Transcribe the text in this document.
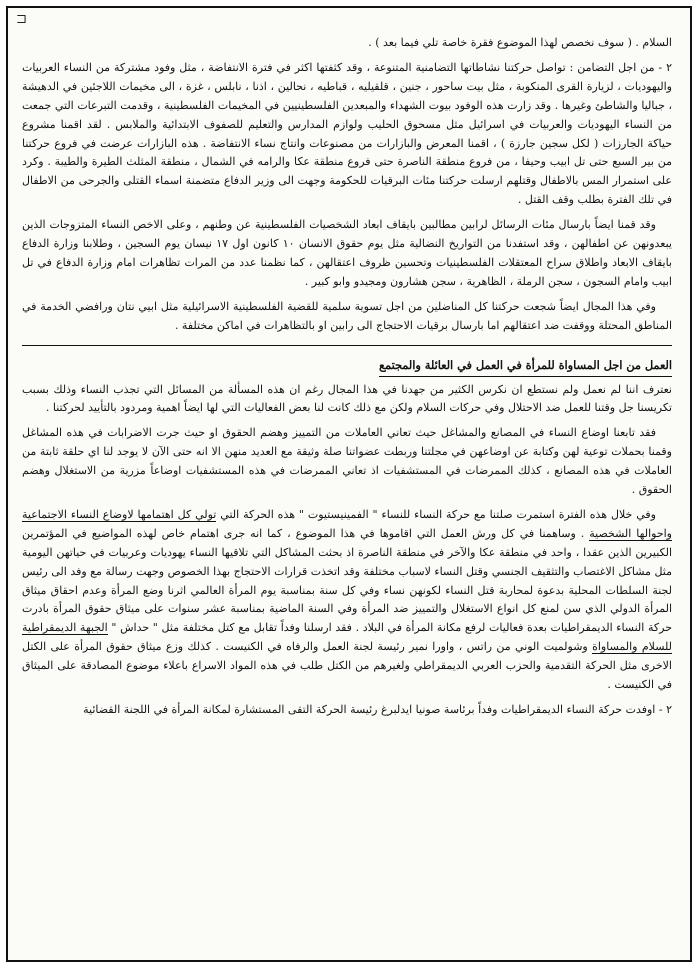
⊏

السلام . ( سوف نخصص لهذا الموضوع فقرة خاصة تلي فيما بعد ) .

٢ - من اجل التضامن : تواصل حركتنا نشاطاتها التضامنية المتنوعة ، وقد كثفتها اكثر في فترة الانتفاضة ، مثل وفود مشتركة من النساء العربيات واليهوديات ، لزيارة القرى المنكوبة ، مثل بيت ساحور ، جنين ، قلقيليه ، قباطيه ، نحالين ، اذنا ، نابلس ، غزة ، الى مخيمات اللاجئين في الدهيشة ، جباليا والشاطئ وغيرها . وقد زارت هذه الوفود بيوت الشهداء والمبعدين الفلسطينيين في المخيمات الفلسطينية ، وقدمت التبرعات التي جمعت من النساء اليهوديات والعربيات في اسرائيل مثل مسحوق الحليب ولوازم المدارس والتعليم للصفوف الابتدائية والملابس . لقد اقمنا مشروع حياكة الجارزات ( لكل سجين جارزة ) ، اقمنا المعرض والبازارات من مصنوعات وانتاج نساء الانتفاضة . هذه البازارات عرضت في فروع حركتنا من بير السبع حتى تل ابيب وحيفا ، من فروع منطقة الناصرة حتى فروع منطقة عكا والرامه في الشمال ، منطقة المثلث الطيرة والطيبة . وكرد على استمرار المس بالاطفال وقتلهم ارسلت حركتنا مئات البرقيات للحكومة وجهت الى وزير الدفاع متضمنة اسماء القتلى والجرحى من الاطفال في تلك الفترة بطلب وقف القتل .

وقد قمنا ايضاً بارسال مئات الرسائل لرابين مطالبين بايقاف ابعاد الشخصيات الفلسطينية عن وطنهم ، وعلى الاخص النساء المتزوجات الذين يبعدونهن عن اطفالهن ، وقد استفدنا من التواريخ النضالية مثل يوم حقوق الانسان ١٠ كانون اول ١٧ نيسان يوم السجين ، وطلابنا وزارة الدفاع بايقاف الابعاد واطلاق سراح المعتقلات الفلسطينيات وتحسين ظروف اعتقالهن ، كما نظمنا عدد من المرات تظاهرات امام وزارة الدفاع في تل ابيب وامام السجون ، سجن الرملة ، الظاهرية ، سجن هشارون ومجيدو وابو كبير .

وفي هذا المجال ايضاً شجعت حركتنا كل المناضلين من اجل تسوية سلمية للقضية الفلسطينية الاسرائيلية مثل ابيي نتان ورافضي الخدمة في المناطق المحتلة ووقفت ضد اعتقالهم اما بارسال برقيات الاحتجاج الى رابين او بالتظاهرات في اماكن مختلفة .

العمل من اجل المساواة للمرأة في العمل في العائلة والمجتمع

نعترف اننا لم نعمل ولم نستطع ان نكرس الكثير من جهدنا في هذا المجال رغم ان هذه المسألة من المسائل التي تجذب النساء وذلك بسبب تكريسنا جل وقتنا للعمل ضد الاحتلال وفي حركات السلام ولكن مع ذلك كانت لنا بعض الفعاليات التي لها ايضاً اهمية ومردود بالتأييد لحركتنا .

فقد تابعنا اوضاع النساء في المصانع والمشاغل حيث تعاني العاملات من التمييز وهضم الحقوق او حيث جرت الاضرابات في هذه المشاغل وقمنا بحملات توعية لهن وكتابة عن اوضاعهن في مجلتنا وربطت عضواتنا صلة وثيقة مع العديد منهن الا انه حتى الآن لا يوجد لنا اي حلقة ثابتة من العاملات في هذه المصانع ، كذلك الممرضات في المستشفيات اذ تعاني الممرضات في هذه المستشفيات اوضاعاً مزرية من الاستغلال وهضم الحقوق .

وفي خلال هذه الفترة استمرت صلتنا مع حركة النساء للنساء " الفمينيستيوت " هذه الحركة التي تولي كل اهتمامها لاوضاع النساء الاجتماعية واحوالها الشخصية . وساهمنا في كل ورش العمل التي اقاموها في هذا الموضوع ، كما انه جرى اهتمام خاص لهذه المواضيع في المؤتمرين الكبيرين الذين عقدا ، واحد في منطقة عكا والآخر في منطقة الناصرة اذ بحثت المشاكل التي تلاقيها النساء يهوديات وعربيات في حياتهن اليومية مثل مشاكل الاغتصاب والتثقيف الجنسي وقتل النساء لاسباب مختلفة وقد اتخذت قرارات الاحتجاج بهذا الخصوص وجهت رسالة مع وفد الى رئيس لجنة السلطات المحلية بدعوة لمحاربة قتل النساء لكونهن نساء وفي كل سنة بمناسبة يوم المرأة العالمي اثرنا وضع المرأة وعدم احقاق ميثاق المرأة الدولي الذي سن لمنع كل انواع الاستغلال والتمييز ضد المرأة وفي السنة الماضية بمناسبة عشر سنوات على ميثاق حقوق المرأة بادرت حركة النساء الديمقراطيات بعدة فعاليات لرفع مكانة المرأة في البلاد . فقد ارسلنا وفداً تقابل مع كتل مختلفة مثل " حداش " الجبهة الديمقراطية للسلام والمساواة وشولميت الوني من راتس ، واورا نمير رئيسة لجنة العمل والرفاه في الكنيست . كذلك وزع ميثاق حقوق المرأة على الكتل الاخرى مثل الحركة التقدمية والحزب العربي الديمقراطي ولغيرهم من الكتل طلب في هذه المواد الاسراع باعلاء موضوع المصادقة على الميثاق في الكنيست .

٢ - اوفدت حركة النساء الديمقراطيات وفداً برئاسة صونيا ايدلبرغ رئيسة الحركة التقى المستشارة لمكانة المرأة في اللجنة القضائية
